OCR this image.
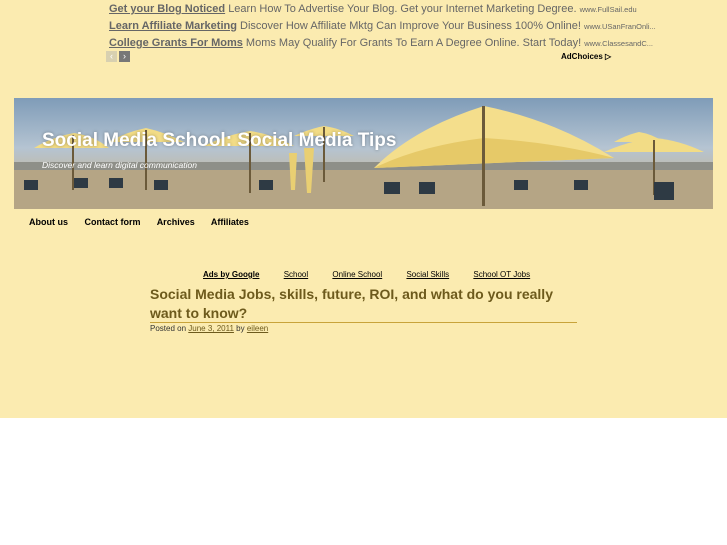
Get your Blog Noticed Learn How To Advertise Your Blog. Get your Internet Marketing Degree. www.FullSail.edu
Learn Affiliate Marketing Discover How Affiliate Mktg Can Improve Your Business 100% Online! www.USanFranOnli...
College Grants For Moms Moms May Qualify For Grants To Earn A Degree Online. Start Today! www.ClassesandC...
‹	›	AdChoices ▷
Social Media School: Social Media Tips
Discover and learn digital communication
About us Contact form Archives Affiliates
Ads by Google	School	Online School	Social Skills	School OT Jobs
Social Media Jobs, skills, future, ROI, and what do you really want to know?
Posted on June 3, 2011 by eileen
